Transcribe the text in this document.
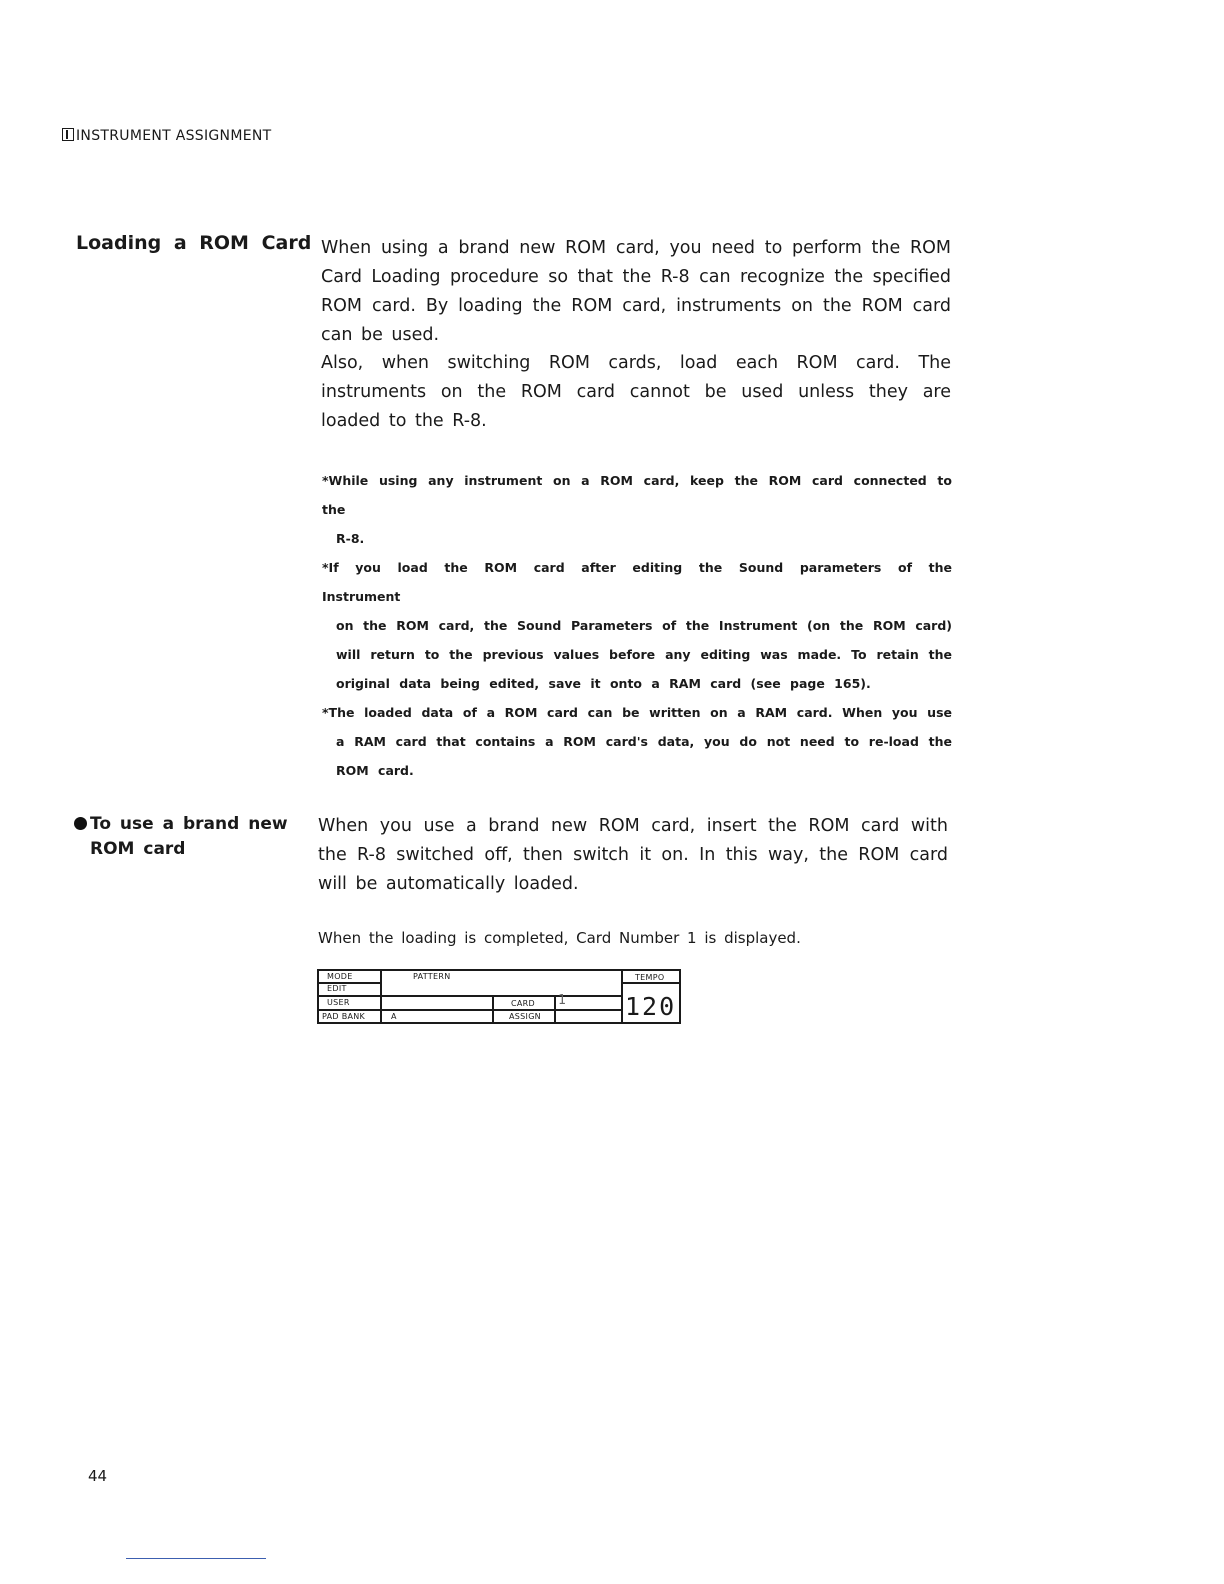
INSTRUMENT ASSIGNMENT
Loading a ROM Card
To use a brand new
ROM card
When using a brand new ROM card, you need to perform the ROM
Card Loading procedure so that the R-8 can recognize the specified
ROM card. By loading the ROM card, instruments on the ROM card
can be used.
Also, when switching ROM cards, load each ROM card. The
instruments on the ROM card cannot be used unless they are
loaded to the R-8.
*While using any instrument on a ROM card, keep the ROM card connected to the
R-8.
*If you load the ROM card after editing the Sound parameters of the Instrument
on the ROM card, the Sound Parameters of the Instrument (on the ROM card)
will return to the previous values before any editing was made. To retain the
original data being edited, save it onto a RAM card (see page 165).
*The loaded data of a ROM card can be written on a RAM card. When you use
a RAM card that contains a ROM card's data, you do not need to re-load the
ROM card.
When you use a brand new ROM card, insert the ROM card with
the R-8 switched off, then switch it on. In this way, the ROM card
will be automatically loaded.
When the loading is completed, Card Number 1 is displayed.
MODE
EDIT
USER
PAD BANK	A
PATTERN
CARD
ASSIGN
1
TEMPO
120
44
